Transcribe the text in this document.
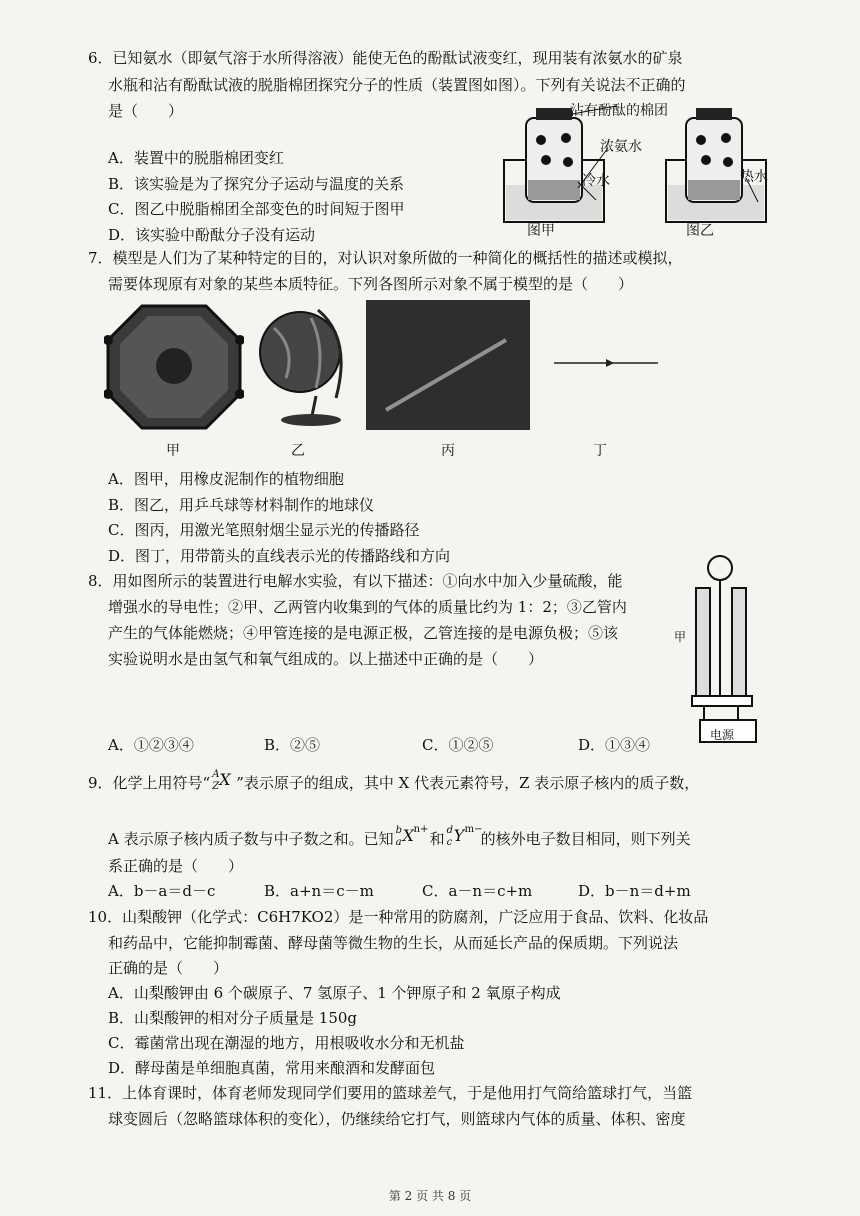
6．已知氨水（即氨气溶于水所得溶液）能使无色的酚酞试液变红，现用装有浓氨水的矿泉
水瓶和沾有酚酞试液的脱脂棉团探究分子的性质（装置图如图）。下列有关说法不正确的
是（　　）
A．装置中的脱脂棉团变红
B．该实验是为了探究分子运动与温度的关系
C．图乙中脱脂棉团全部变色的时间短于图甲
D．该实验中酚酞分子没有运动
沾有酚酞的棉团
浓氨水
冷水	热水
图甲	图乙
7．模型是人们为了某种特定的目的，对认识对象所做的一种简化的概括性的描述或模拟，
需要体现原有对象的某些本质特征。下列各图所示对象不属于模型的是（　　）
甲	乙	丙	丁
A．图甲，用橡皮泥制作的植物细胞
B．图乙，用乒乓球等材料制作的地球仪
C．图丙，用激光笔照射烟尘显示光的传播路径
D．图丁，用带箭头的直线表示光的传播路线和方向
8．用如图所示的装置进行电解水实验，有以下描述：①向水中加入少量硫酸，能
增强水的导电性；②甲、乙两管内收集到的气体的质量比约为 1：2；③乙管内
产生的气体能燃烧；④甲管连接的是电源正极，乙管连接的是电源负极；⑤该
实验说明水是由氢气和氧气组成的。以上描述中正确的是（　　）
甲
电源
A．①②③④	B．②⑤	C．①②⑤	D．①③④
9．化学上用符号“ A
Z X ”表示原子的组成，其中 X 代表元素符号，Z 表示原子核内的质子数，
A 表示原子核内质子数与中子数之和。已知 b
a X n+
和 d
c Y m−
的核外电子数目相同，则下列关
系正确的是（　　）
A．b－a＝d－c	B．a+n＝c－m	C．a－n＝c+m	D．b－n＝d+m
10．山梨酸钾（化学式：C6H7KO2）是一种常用的防腐剂，广泛应用于食品、饮料、化妆品
和药品中，它能抑制霉菌、酵母菌等微生物的生长，从而延长产品的保质期。下列说法
正确的是（　　）
A．山梨酸钾由 6 个碳原子、7 氢原子、1 个钾原子和 2 氧原子构成
B．山梨酸钾的相对分子质量是 150g
C．霉菌常出现在潮湿的地方，用根吸收水分和无机盐
D．酵母菌是单细胞真菌，常用来酿酒和发酵面包
11．上体育课时，体育老师发现同学们要用的篮球差气，于是他用打气筒给篮球打气，当篮
球变圆后（忽略篮球体积的变化），仍继续给它打气，则篮球内气体的质量、体积、密度
第 2 页 共 8 页
